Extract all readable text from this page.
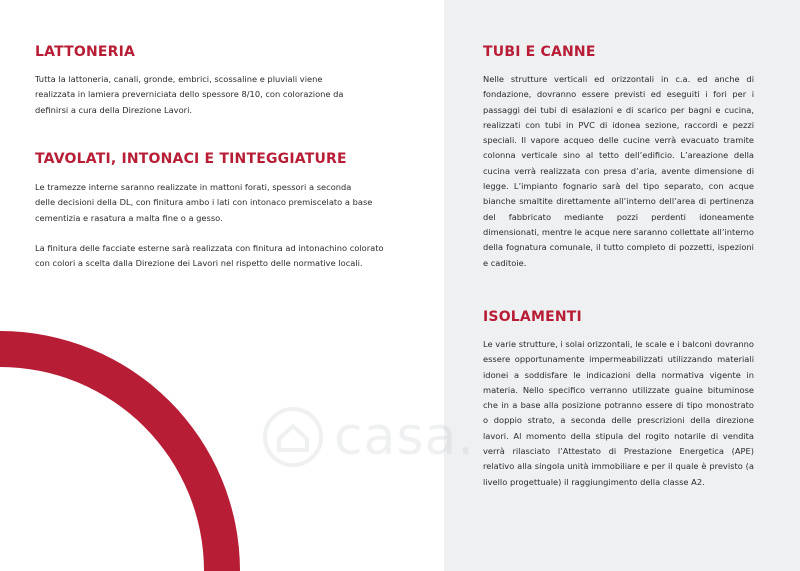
LATTONERIA

Tutta la lattoneria, canali, gronde, embrici, scossaline e pluviali viene realizzata in lamiera preverniciata dello spessore 8/10, con colorazione da definirsi a cura della Direzione Lavori.

TAVOLATI, INTONACI E TINTEGGIATURE

Le tramezze interne saranno realizzate in mattoni forati, spessori a seconda delle decisioni della DL, con finitura ambo i lati con intonaco premiscelato a base cementizia e rasatura a malta fine o a gesso.

La finitura delle facciate esterne sarà realizzata con finitura ad intonachino colorato con colori a scelta dalla Direzione dei Lavori nel rispetto delle normative locali.

TUBI E CANNE

Nelle strutture verticali ed orizzontali in c.a. ed anche di fondazione, dovranno essere previsti ed eseguiti i fori per i passaggi dei tubi di esalazioni e di scarico per bagni e cucina, realizzati con tubi in PVC di idonea sezione, raccordi e pezzi speciali. Il vapore acqueo delle cucine verrà evacuato tramite colonna verticale sino al tetto dell’edificio. L’areazione della cucina verrà realizzata con presa d’aria, avente dimensione di legge. L’impianto fognario sarà del tipo separato, con acque bianche smaltite direttamente all’interno dell’area di pertinenza del fabbricato mediante pozzi perdenti idoneamente dimensionati, mentre le acque nere saranno collettate all’interno della fognatura comunale, il tutto completo di pozzetti, ispezioni e caditoie.

ISOLAMENTI

Le varie strutture, i solai orizzontali, le scale e i balconi dovranno essere opportunamente impermeabilizzati utilizzando materiali idonei a soddisfare le indicazioni della normativa vigente in materia. Nello specifico verranno utilizzate guaine bituminose che in a base alla posizione potranno essere di tipo monostrato o doppio strato, a seconda delle prescrizioni della direzione lavori. Al momento della stipula del rogito notarile di vendita verrà rilasciato l’Attestato di Prestazione Energetica (APE) relativo alla singola unità immobiliare e per il quale è previsto (a livello progettuale) il raggiungimento della classe A2.
